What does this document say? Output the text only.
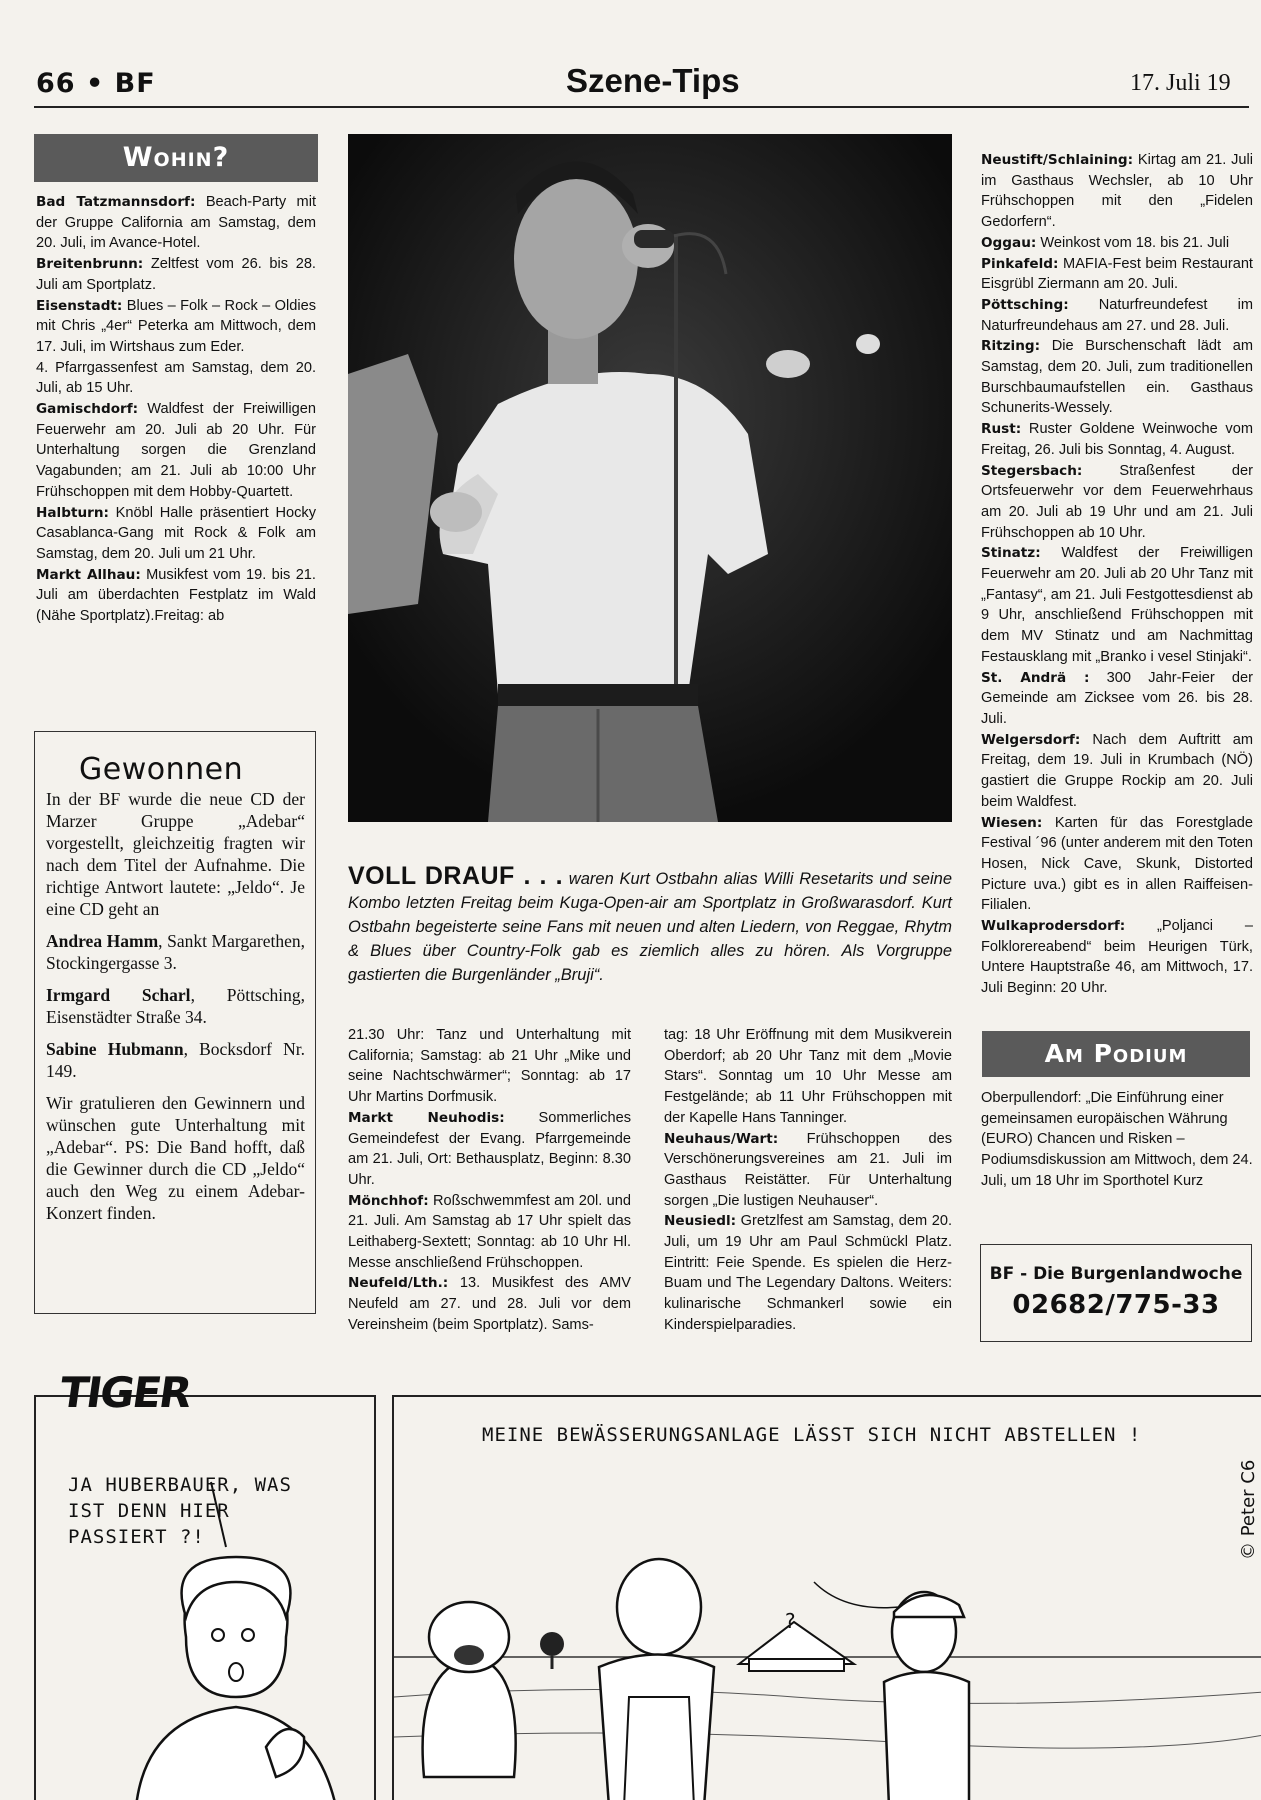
66 • BF	Szene-Tips	17. Juli 19
Wohin?

Bad Tatzmannsdorf: Beach-Party mit der Gruppe California am Samstag, dem 20. Juli, im Avance-Hotel.

Breitenbrunn: Zeltfest vom 26. bis 28. Juli am Sportplatz.

Eisenstadt: Blues – Folk – Rock – Oldies mit Chris „4er“ Peterka am Mittwoch, dem 17. Juli, im Wirtshaus zum Eder.

4. Pfarrgassenfest am Samstag, dem 20. Juli, ab 15 Uhr.

Gamischdorf: Waldfest der Freiwilligen Feuerwehr am 20. Juli ab 20 Uhr. Für Unterhaltung sorgen die Grenzland Vagabunden; am 21. Juli ab 10:00 Uhr Frühschoppen mit dem Hobby-Quartett.

Halbturn: Knöbl Halle präsentiert Hocky Casablanca-Gang mit Rock & Folk am Samstag, dem 20. Juli um 21 Uhr.

Markt Allhau: Musikfest vom 19. bis 21. Juli am überdachten Festplatz im Wald (Nähe Sportplatz).Freitag: ab

Gewonnen

In der BF wurde die neue CD der Marzer Gruppe „Adebar“ vorgestellt, gleichzeitig fragten wir nach dem Titel der Aufnahme. Die richtige Antwort lautete: „Jeldo“. Je eine CD geht an

Andrea Hamm, Sankt Margarethen, Stockingergasse 3.

Irmgard Scharl, Pöttsching, Eisenstädter Straße 34.

Sabine Hubmann, Bocksdorf Nr. 149.

Wir gratulieren den Gewinnern und wünschen gute Unterhaltung mit „Adebar“. PS: Die Band hofft, daß die Gewinner durch die CD „Jeldo“ auch den Weg zu einem Adebar-Konzert finden.

VOLL DRAUF . . . waren Kurt Ostbahn alias Willi Resetarits und seine Kombo letzten Freitag beim Kuga-Open-air am Sportplatz in Großwarasdorf. Kurt Ostbahn begeisterte seine Fans mit neuen und alten Liedern, von Reggae, Rhytm & Blues über Country-Folk gab es ziemlich alles zu hören. Als Vorgruppe gastierten die Burgenländer „Bruji“.

21.30 Uhr: Tanz und Unterhaltung mit California; Samstag: ab 21 Uhr „Mike und seine Nachtschwärmer“; Sonntag: ab 17 Uhr Martins Dorfmusik.

Markt Neuhodis: Sommerliches Gemeindefest der Evang. Pfarrgemeinde am 21. Juli, Ort: Bethausplatz, Beginn: 8.30 Uhr.

Mönchhof: Roßschwemmfest am 20l. und 21. Juli. Am Samstag ab 17 Uhr spielt das Leithaberg-Sextett; Sonntag: ab 10 Uhr Hl. Messe anschließend Frühschoppen.

Neufeld/Lth.: 13. Musikfest des AMV Neufeld am 27. und 28. Juli vor dem Vereinsheim (beim Sportplatz). Sams-

tag: 18 Uhr Eröffnung mit dem Musikverein Oberdorf; ab 20 Uhr Tanz mit dem „Movie Stars“. Sonntag um 10 Uhr Messe am Festgelände; ab 11 Uhr Frühschoppen mit der Kapelle Hans Tanninger.

Neuhaus/Wart: Frühschoppen des Verschönerungsvereines am 21. Juli im Gasthaus Reistätter. Für Unterhaltung sorgen „Die lustigen Neuhauser“.

Neusiedl: Gretzlfest am Samstag, dem 20. Juli, um 19 Uhr am Paul Schmückl Platz. Eintritt: Feie Spende. Es spielen die Herz-Buam und The Legendary Daltons. Weiters: kulinarische Schmankerl sowie ein Kinderspielparadies.

Neustift/Schlaining: Kirtag am 21. Juli im Gasthaus Wechsler, ab 10 Uhr Frühschoppen mit den „Fidelen Gedorfern“.

Oggau: Weinkost vom 18. bis 21. Juli

Pinkafeld: MAFIA-Fest beim Restaurant Eisgrübl Ziermann am 20. Juli.

Pöttsching: Naturfreundefest im Naturfreundehaus am 27. und 28. Juli.

Ritzing: Die Burschenschaft lädt am Samstag, dem 20. Juli, zum traditionellen Burschbaumaufstellen ein. Gasthaus Schunerits-Wessely.

Rust: Ruster Goldene Weinwoche vom Freitag, 26. Juli bis Sonntag, 4. August.

Stegersbach: Straßenfest der Ortsfeuerwehr vor dem Feuerwehrhaus am 20. Juli ab 19 Uhr und am 21. Juli Frühschoppen ab 10 Uhr.

Stinatz: Waldfest der Freiwilligen Feuerwehr am 20. Juli ab 20 Uhr Tanz mit „Fantasy“, am 21. Juli Festgottesdienst ab 9 Uhr, anschließend Frühschoppen mit dem MV Stinatz und am Nachmittag Festausklang mit „Branko i vesel Stinjaki“.

St. Andrä : 300 Jahr-Feier der Gemeinde am Zicksee vom 26. bis 28. Juli.

Welgersdorf: Nach dem Auftritt am Freitag, dem 19. Juli in Krumbach (NÖ) gastiert die Gruppe Rockip am 20. Juli beim Waldfest.

Wiesen: Karten für das Forestglade Festival ´96 (unter anderem mit den Toten Hosen, Nick Cave, Skunk, Distorted Picture uva.) gibt es in allen Raiffeisen-Filialen.

Wulkaprodersdorf: „Poljanci – Folklorereabend“ beim Heurigen Türk, Untere Hauptstraße 46, am Mittwoch, 17. Juli Beginn: 20 Uhr.

Am Podium
Oberpullendorf: „Die Einführung einer gemeinsamen europäischen Währung (EURO) Chancen und Risken – Podiumsdiskussion am Mittwoch, dem 24. Juli, um 18 Uhr im Sporthotel Kurz
BF - Die Burgenlandwoche
02682/775-33
TIGER
JA HUBERBAUER, WAS IST DENN HIER PASSIERT ?!
MEINE BEWÄSSERUNGSANLAGE LÄSST SICH NICHT ABSTELLEN !
?
© Peter C6
